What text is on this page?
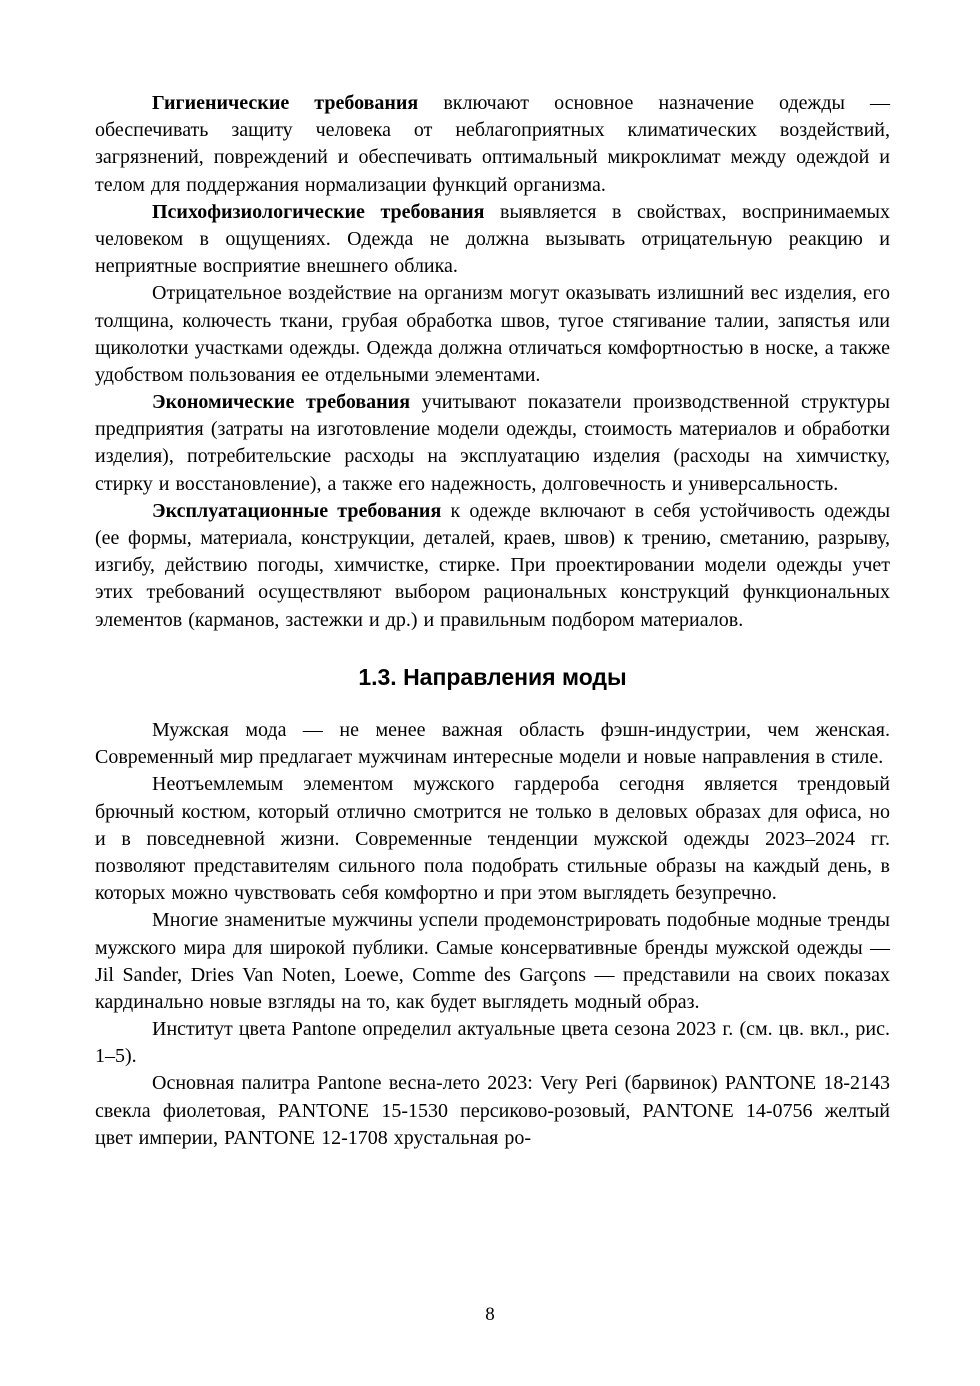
Гигиенические требования включают основное назначение одежды — обеспечивать защиту человека от неблагоприятных климатических воздействий, загрязнений, повреждений и обеспечивать оптимальный микроклимат между одеждой и телом для поддержания нормализации функций организма.

Психофизиологические требования выявляется в свойствах, воспринимаемых человеком в ощущениях. Одежда не должна вызывать отрицательную реакцию и неприятные восприятие внешнего облика.

Отрицательное воздействие на организм могут оказывать излишний вес изделия, его толщина, колючесть ткани, грубая обработка швов, тугое стягивание талии, запястья или щиколотки участками одежды. Одежда должна отличаться комфортностью в носке, а также удобством пользования ее отдельными элементами.

Экономические требования учитывают показатели производственной структуры предприятия (затраты на изготовление модели одежды, стоимость материалов и обработки изделия), потребительские расходы на эксплуатацию изделия (расходы на химчистку, стирку и восстановление), а также его надежность, долговечность и универсальность.

Эксплуатационные требования к одежде включают в себя устойчивость одежды (ее формы, материала, конструкции, деталей, краев, швов) к трению, сметанию, разрыву, изгибу, действию погоды, химчистке, стирке. При проектировании модели одежды учет этих требований осуществляют выбором рациональных конструкций функциональных элементов (карманов, застежки и др.) и правильным подбором материалов.

1.3. Направления моды

Мужская мода — не менее важная область фэшн-индустрии, чем женская. Современный мир предлагает мужчинам интересные модели и новые направления в стиле.

Неотъемлемым элементом мужского гардероба сегодня является трендовый брючный костюм, который отлично смотрится не только в деловых образах для офиса, но и в повседневной жизни. Современные тенденции мужской одежды 2023–2024 гг. позволяют представителям сильного пола подобрать стильные образы на каждый день, в которых можно чувствовать себя комфортно и при этом выглядеть безупречно.

Многие знаменитые мужчины успели продемонстрировать подобные модные тренды мужского мира для широкой публики. Самые консервативные бренды мужской одежды — Jil Sander, Dries Van Noten, Loewe, Comme des Garçons — представили на своих показах кардинально новые взгляды на то, как будет выглядеть модный образ.

Институт цвета Pantone определил актуальные цвета сезона 2023 г. (см. цв. вкл., рис. 1–5).

Основная палитра Pantone весна-лето 2023: Very Peri (барвинок) PANTONE 18-2143 свекла фиолетовая, PANTONE 15-1530 персиково-розовый, PANTONE 14-0756 желтый цвет империи, PANTONE 12-1708 хрустальная ро-

8
